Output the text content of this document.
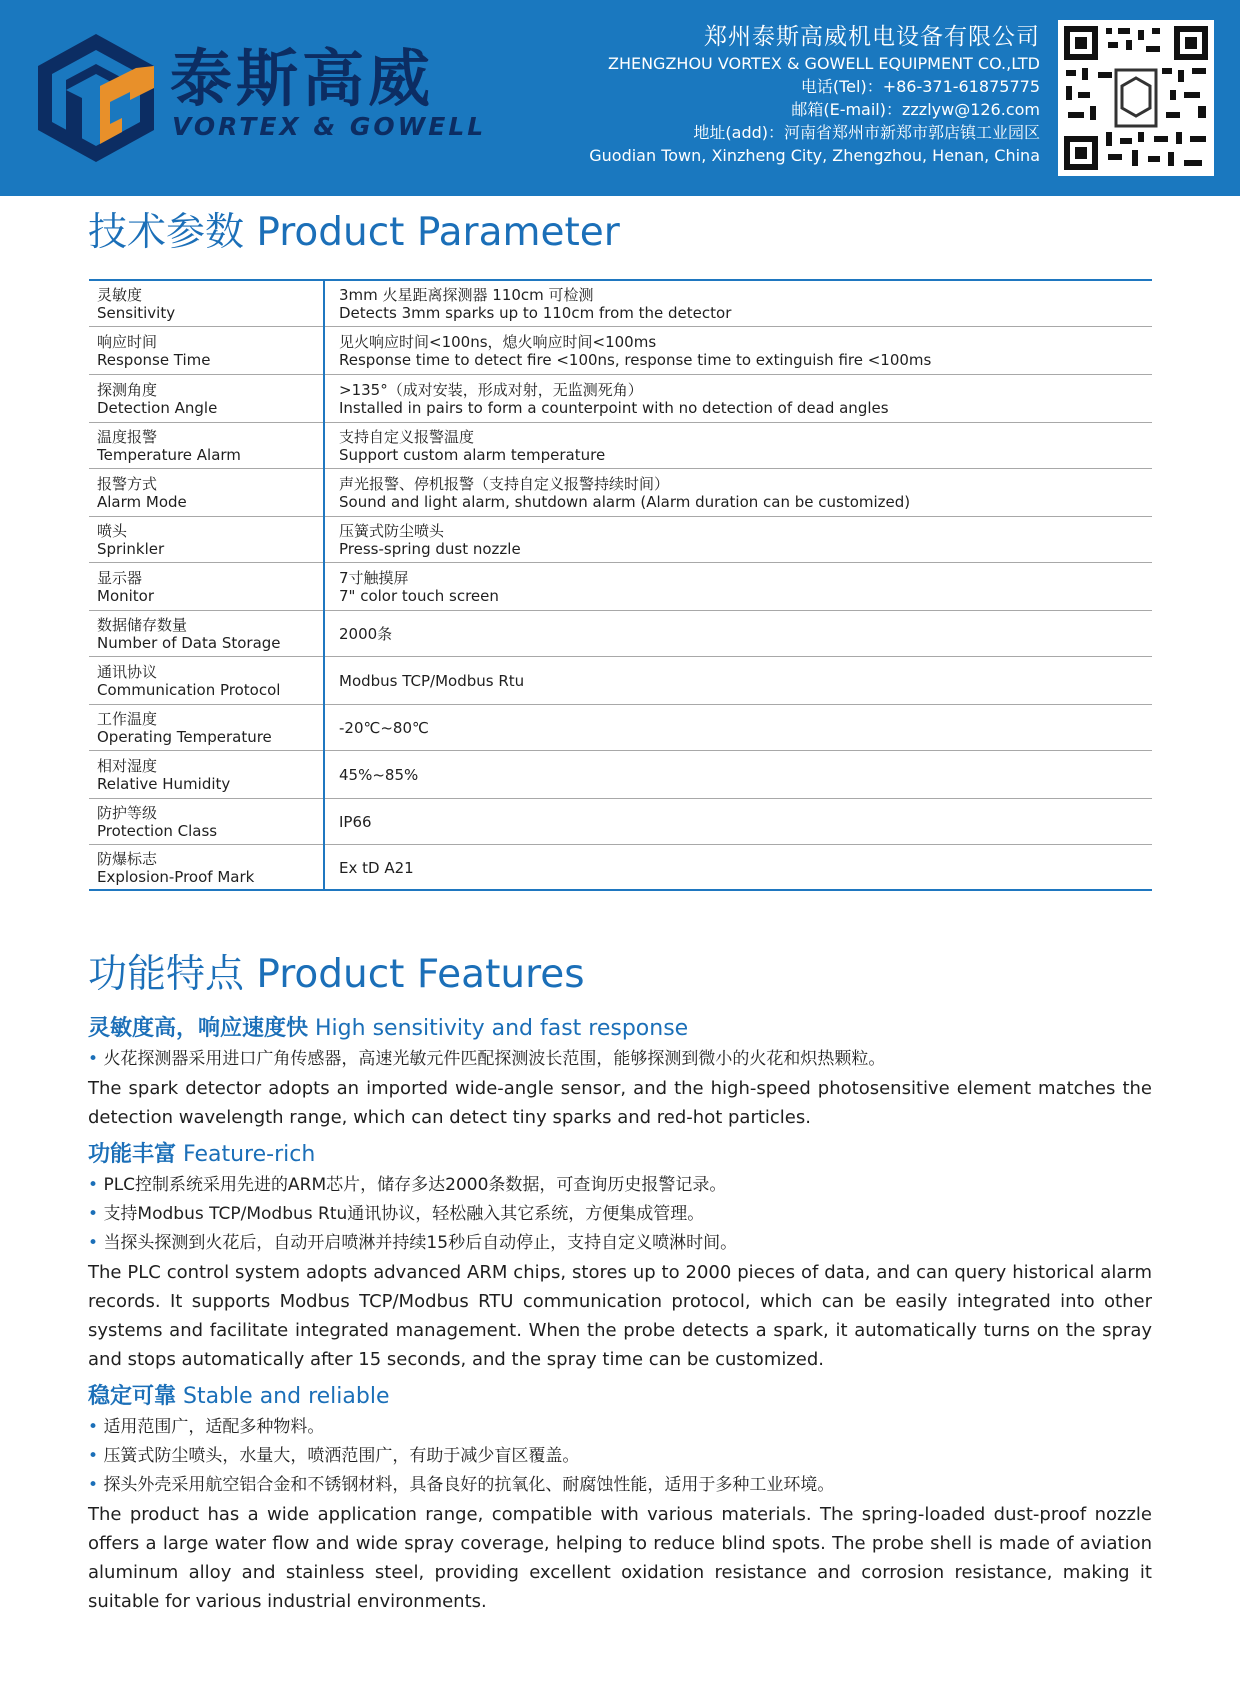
泰斯高威
VORTEX & GOWELL
郑州泰斯高威机电设备有限公司
ZHENGZHOU VORTEX & GOWELL EQUIPMENT CO.,LTD
电话(Tel)：+86-371-61875775
邮箱(E-mail)：zzzlyw@126.com
地址(add)：河南省郑州市新郑市郭店镇工业园区
Guodian Town, Xinzheng City, Zhengzhou, Henan, China
技术参数 Product Parameter
灵敏度
Sensitivity	3mm 火星距离探测器 110cm 可检测
Detects 3mm sparks up to 110cm from the detector

响应时间
Response Time	见火响应时间<100ns，熄火响应时间<100ms
Response time to detect fire <100ns, response time to extinguish fire <100ms

探测角度
Detection Angle	>135°（成对安装，形成对射，无监测死角）
Installed in pairs to form a counterpoint with no detection of dead angles

温度报警
Temperature Alarm	支持自定义报警温度
Support custom alarm temperature

报警方式
Alarm Mode	声光报警、停机报警（支持自定义报警持续时间）
Sound and light alarm, shutdown alarm (Alarm duration can be customized)

喷头
Sprinkler	压簧式防尘喷头
Press-spring dust nozzle

显示器
Monitor	7寸触摸屏
7" color touch screen

数据储存数量
Number of Data Storage	2000条

通讯协议
Communication Protocol	Modbus TCP/Modbus Rtu

工作温度
Operating Temperature	-20℃~80℃

相对湿度
Relative Humidity	45%~85%

防护等级
Protection Class	IP66

防爆标志
Explosion-Proof Mark	Ex tD A21
功能特点 Product Features
灵敏度高，响应速度快 High sensitivity and fast response
• 火花探测器采用进口广角传感器，高速光敏元件匹配探测波长范围，能够探测到微小的火花和炽热颗粒。
The spark detector adopts an imported wide-angle sensor, and the high-speed photosensitive element matches the detection wavelength range, which can detect tiny sparks and red-hot particles.
功能丰富 Feature-rich
• PLC控制系统采用先进的ARM芯片，储存多达2000条数据，可查询历史报警记录。
• 支持Modbus TCP/Modbus Rtu通讯协议，轻松融入其它系统，方便集成管理。
• 当探头探测到火花后，自动开启喷淋并持续15秒后自动停止，支持自定义喷淋时间。
The PLC control system adopts advanced ARM chips, stores up to 2000 pieces of data, and can query historical alarm records. It supports Modbus TCP/Modbus RTU communication protocol, which can be easily integrated into other systems and facilitate integrated management. When the probe detects a spark, it automatically turns on the spray and stops automatically after 15 seconds, and the spray time can be customized.
稳定可靠 Stable and reliable
• 适用范围广，适配多种物料。
• 压簧式防尘喷头，水量大，喷洒范围广，有助于减少盲区覆盖。
• 探头外壳采用航空铝合金和不锈钢材料，具备良好的抗氧化、耐腐蚀性能，适用于多种工业环境。
The product has a wide application range, compatible with various materials. The spring-loaded dust-proof nozzle offers a large water flow and wide spray coverage, helping to reduce blind spots. The probe shell is made of aviation aluminum alloy and stainless steel, providing excellent oxidation resistance and corrosion resistance, making it suitable for various industrial environments.
